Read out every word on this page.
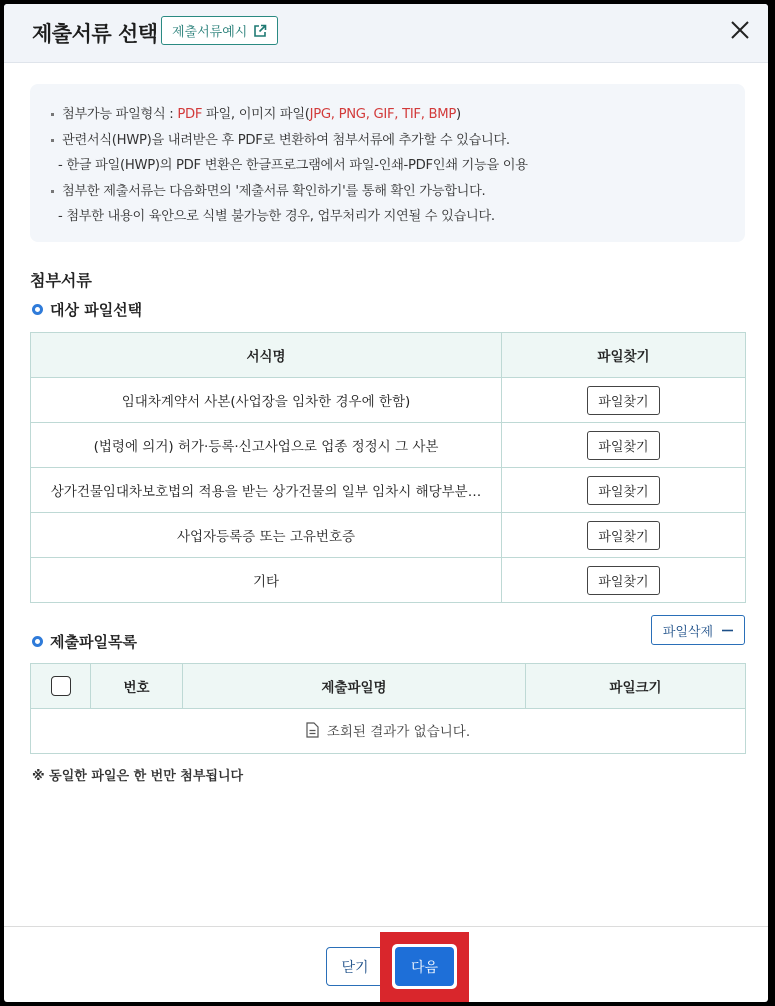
제출서류 선택 제출서류예시
첨부가능 파일형식 : PDF 파일, 이미지 파일(JPG, PNG, GIF, TIF, BMP)
관련서식(HWP)을 내려받은 후 PDF로 변환하여 첨부서류에 추가할 수 있습니다.
- 한글 파일(HWP)의 PDF 변환은 한글프로그램에서 파일-인쇄-PDF인쇄 기능을 이용
첨부한 제출서류는 다음화면의 '제출서류 확인하기'를 통해 확인 가능합니다.
- 첨부한 내용이 육안으로 식별 불가능한 경우, 업무처리가 지연될 수 있습니다.
첨부서류
대상 파일선택
서식명	파일찾기
임대차계약서 사본(사업장을 임차한 경우에 한함)	파일찾기
(법령에 의거) 허가·등록·신고사업으로 업종 정정시 그 사본	파일찾기
상가건물임대차보호법의 적용을 받는 상가건물의 일부 임차시 해당부분…	파일찾기
사업자등록증 또는 고유번호증	파일찾기
기타	파일찾기
제출파일목록
파일삭제
	번호	제출파일명	파일크기

조회된 결과가 없습니다.
※ 동일한 파일은 한 번만 첨부됩니다
닫기	다음
